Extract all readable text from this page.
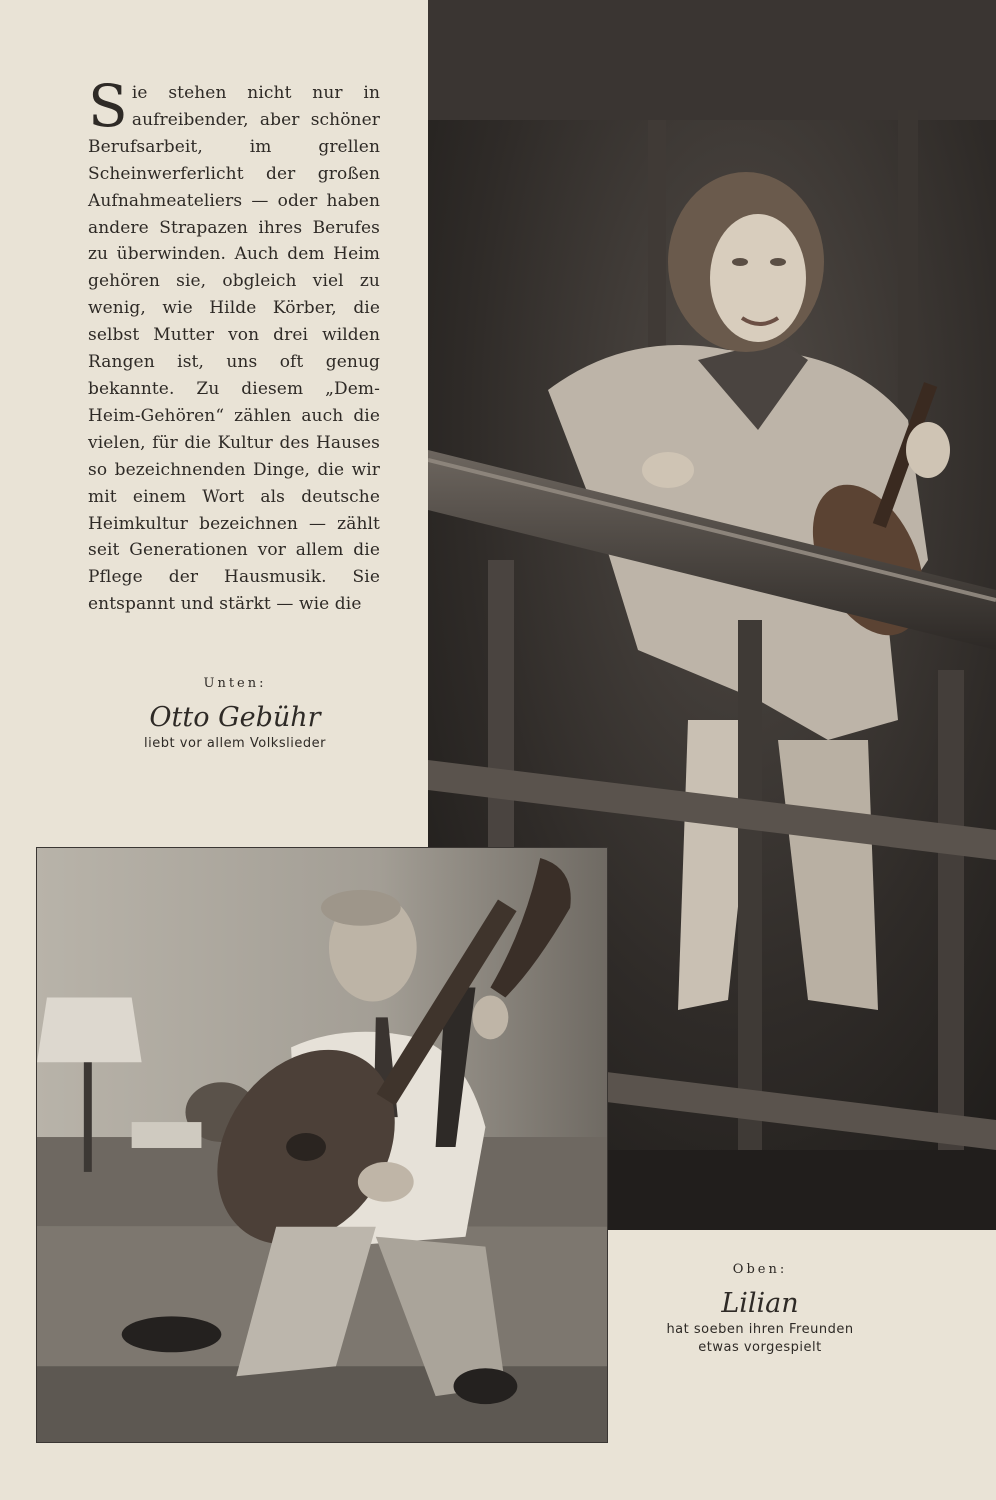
Sie stehen nicht nur in aufreibender, aber schöner Berufsarbeit, im grellen Scheinwerferlicht der großen Aufnahmeateliers — oder haben andere Strapazen ihres Berufes zu überwinden. Auch dem Heim gehören sie, obgleich viel zu wenig, wie Hilde Körber, die selbst Mutter von drei wilden Rangen ist, uns oft genug bekannte. Zu diesem „Dem-Heim-Gehören“ zählen auch die vielen, für die Kultur des Hauses so bezeichnenden Dinge, die wir mit einem Wort als deutsche Heimkultur bezeichnen — zählt seit Generationen vor allem die Pflege der Hausmusik. Sie entspannt und stärkt — wie die
Unten:
Otto Gebühr
liebt vor allem Volkslieder
Oben:
Lilian
hat soeben ihren Freunden
etwas vorgespielt
